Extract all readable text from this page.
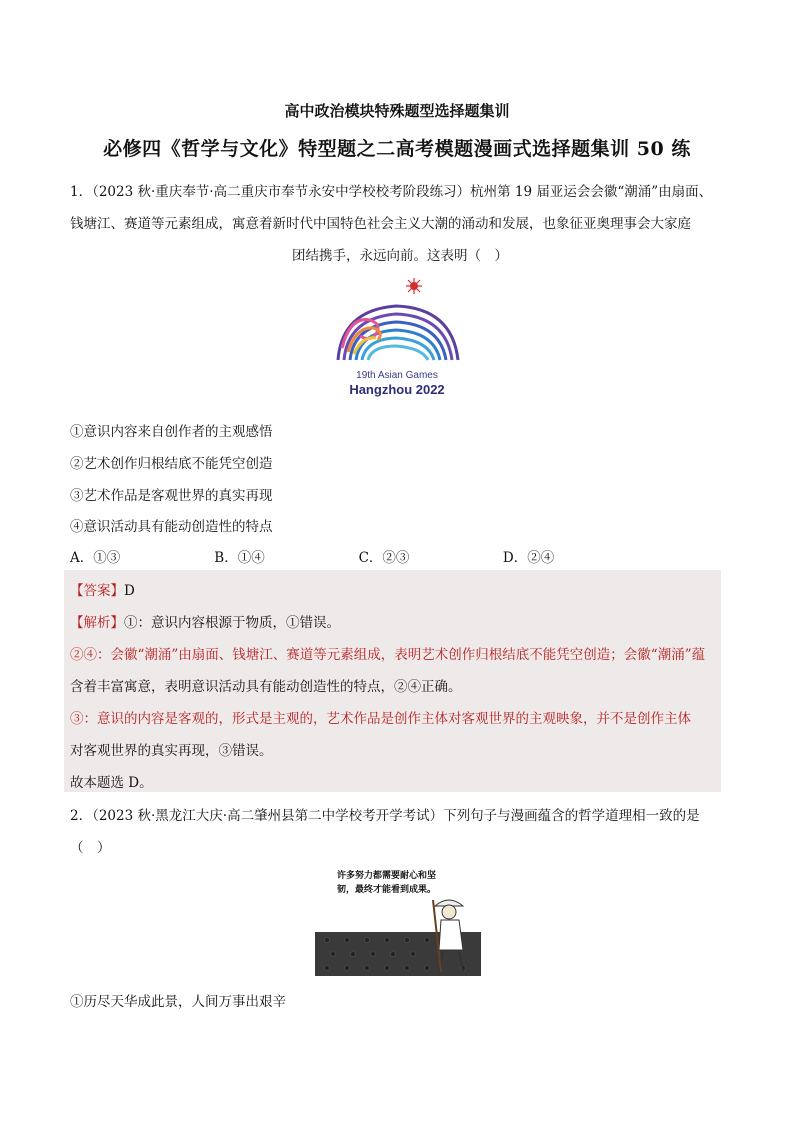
高中政治模块特殊题型选择题集训
必修四《哲学与文化》特型题之二高考模题漫画式选择题集训 50 练
1．（2023 秋·重庆奉节·高二重庆市奉节永安中学校校考阶段练习）杭州第 19 届亚运会会徽“潮涌”由扇面、
钱塘江、赛道等元素组成，寓意着新时代中国特色社会主义大潮的涌动和发展，也象征亚奥理事会大家庭
团结携手，永远向前。这表明（　）
19th Asian Games
Hangzhou 2022
①意识内容来自创作者的主观感悟
②艺术创作归根结底不能凭空创造
③艺术作品是客观世界的真实再现
④意识活动具有能动创造性的特点
A．①③	B．①④	C．②③	D．②④
【答案】D
【解析】①：意识内容根源于物质，①错误。
②④：会徽“潮涌”由扇面、钱塘江、赛道等元素组成，表明艺术创作归根结底不能凭空创造；会徽“潮涌”蕴
含着丰富寓意，表明意识活动具有能动创造性的特点，②④正确。
③：意识的内容是客观的，形式是主观的，艺术作品是创作主体对客观世界的主观映象，并不是创作主体
对客观世界的真实再现，③错误。
故本题选 D。
2．（2023 秋·黑龙江大庆·高二肇州县第二中学校考开学考试）下列句子与漫画蕴含的哲学道理相一致的是
（　）
许多努力都需要耐心和坚
韧，最终才能看到成果。
①历尽天华成此景，人间万事出艰辛
